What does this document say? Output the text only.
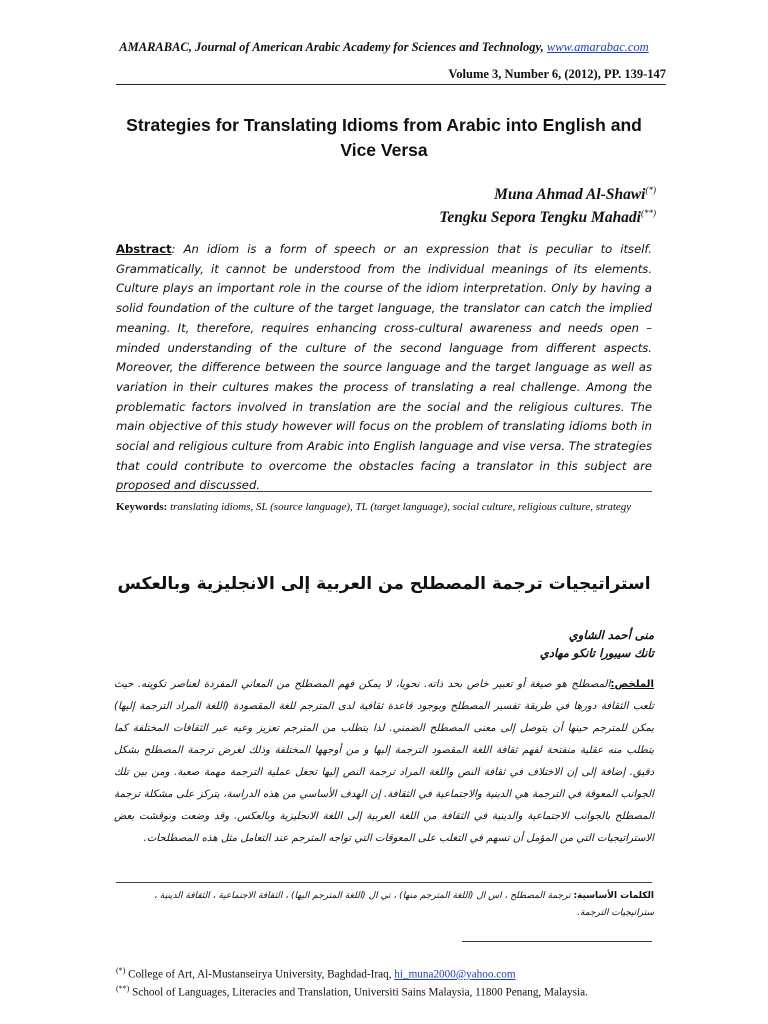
AMARABAC, Journal of American Arabic Academy for Sciences and Technology, www.amarabac.com
Volume 3, Number 6, (2012), PP. 139-147
Strategies for Translating Idioms from Arabic into English and
Vice Versa
Muna Ahmad Al-Shawi(*)
Tengku Sepora Tengku Mahadi(**)
Abstract: An idiom is a form of speech or an expression that is peculiar to itself. Grammatically, it cannot be understood from the individual meanings of its elements. Culture plays an important role in the course of the idiom interpretation. Only by having a solid foundation of the culture of the target language, the translator can catch the implied meaning. It, therefore, requires enhancing cross-cultural awareness and needs open – minded understanding of the culture of the second language from different aspects. Moreover, the difference between the source language and the target language as well as variation in their cultures makes the process of translating a real challenge. Among the problematic factors involved in translation are the social and the religious cultures. The main objective of this study however will focus on the problem of translating idioms both in social and religious culture from Arabic into English language and vise versa. The strategies that could contribute to overcome the obstacles facing a translator in this subject are proposed and discussed.
Keywords: translating idioms, SL (source language), TL (target language), social culture, religious culture, strategy
استراتيجيات ترجمة المصطلح من العربية إلى الانجليزية وبالعكس
منى أحمد الشاوي
تانك سيبورا تانكو مهادي
الملخص:المصطلح هو صيغة أو تعبير خاص بحد ذاته. نحويا، لا يمكن فهم المصطلح من المعاني المفردة لعناصر تكوينه. حيث تلعب الثقافة دورها في طريقة تفسير المصطلح وبوجود قاعدة ثقافية لدى المترجم للغة المقصودة (اللغة المراد الترجمة إليها) يمكن للمترجم حينها أن يتوصل إلى معنى المصطلح الضمني. لذا يتطلب من المترجم تعزيز وعيه عبر الثقافات المختلفة كما يتطلب منه عقلية منفتحة لفهم ثقافة اللغة المقصود الترجمة إليها و من أوجهها المختلفة وذلك لغرض ترجمة المصطلح بشكل دقيق. إضافة إلى إن الاختلاف في ثقافة النص واللغة المراد ترجمة النص إليها تجعل عملية الترجمة مهمة صعبة. ومن بين تلك الجوانب المعوقة في الترجمة هي الدينية والاجتماعية في الثقافة. إن الهدف الأساسي من هذه الدراسة، يتركز على مشكلة ترجمة المصطلح بالجوانب الاجتماعية والدينية في الثقافة من اللغة العربية إلى اللغة الانجليزية وبالعكس. وقد وضعت ونوقشت بعض الاستراتيجيات التي من المؤمل أن تسهم في التغلب على المعوقات التي تواجه المترجم عند التعامل مثل هذه المصطلحات.
الكلمات الأساسية: ترجمة المصطلح ، اس ال (اللغة المترجم منها) ، تي ال (اللغة المترجم اليها) ، الثقافة الاجتماعية ، الثقافة الدينية ، ستراتيجيات الترجمة.
(*) College of Art, Al-Mustanseirya University, Baghdad-Iraq, hi_muna2000@yahoo.com
(**) School of Languages, Literacies and Translation, Universiti Sains Malaysia, 11800 Penang, Malaysia.
